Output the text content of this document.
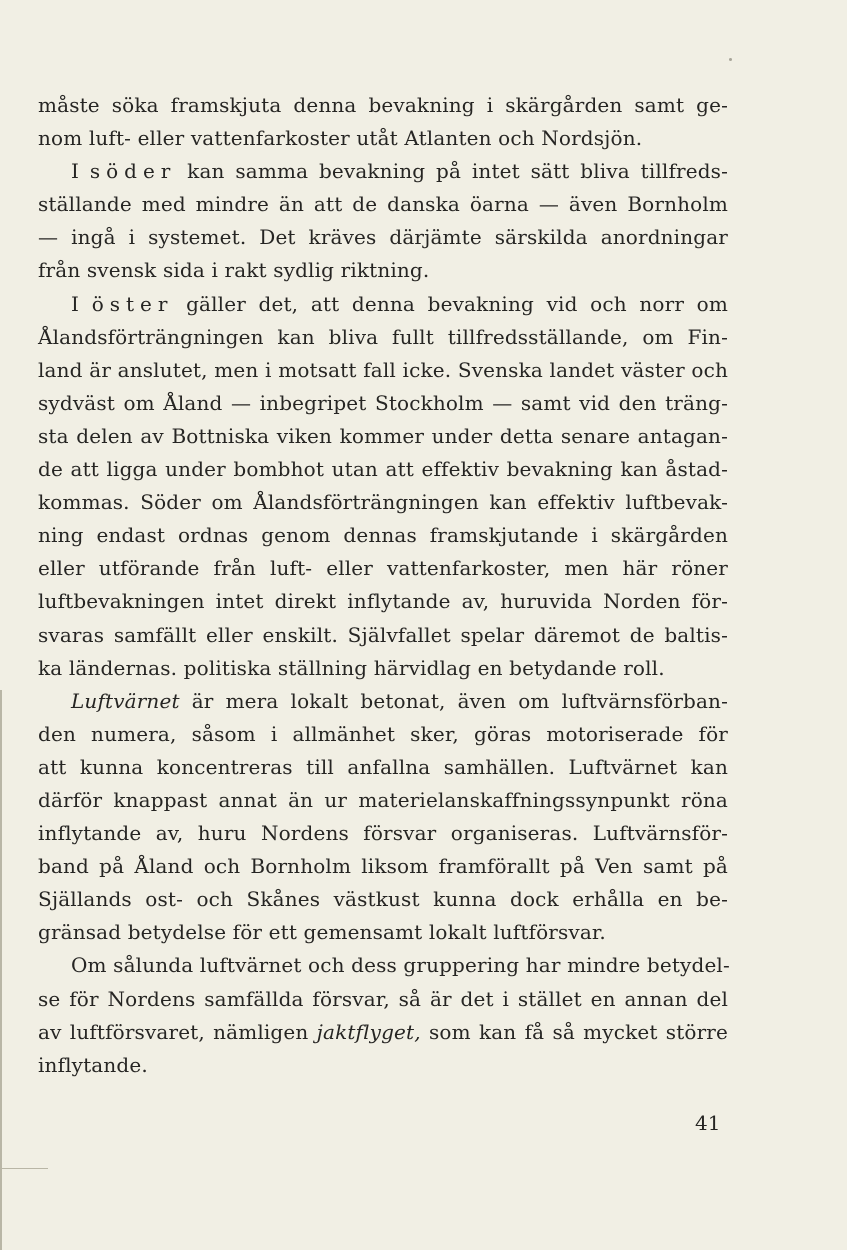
måste söka framskjuta denna bevakning i skärgården samt ge-
nom luft- eller vattenfarkoster utåt Atlanten och Nordsjön.
I söder kan samma bevakning på intet sätt bliva tillfreds-
ställande med mindre än att de danska öarna — även Bornholm
— ingå i systemet. Det kräves därjämte särskilda anordningar
från svensk sida i rakt sydlig riktning.
I öster gäller det, att denna bevakning vid och norr om
Ålandsförträngningen kan bliva fullt tillfredsställande, om Fin-
land är anslutet, men i motsatt fall icke. Svenska landet väster och
sydväst om Åland — inbegripet Stockholm — samt vid den träng-
sta delen av Bottniska viken kommer under detta senare antagan-
de att ligga under bombhot utan att effektiv bevakning kan åstad-
kommas. Söder om Ålandsförträngningen kan effektiv luftbevak-
ning endast ordnas genom dennas framskjutande i skärgården
eller utförande från luft- eller vattenfarkoster, men här röner
luftbevakningen intet direkt inflytande av, huruvida Norden för-
svaras samfällt eller enskilt. Självfallet spelar däremot de baltis-
ka ländernas. politiska ställning härvidlag en betydande roll.
Luftvärnet är mera lokalt betonat, även om luftvärnsförban-
den numera, såsom i allmänhet sker, göras motoriserade för
att kunna koncentreras till anfallna samhällen. Luftvärnet kan
därför knappast annat än ur materielanskaffningssynpunkt röna
inflytande av, huru Nordens försvar organiseras. Luftvärnsför-
band på Åland och Bornholm liksom framförallt på Ven samt på
Själlands ost- och Skånes västkust kunna dock erhålla en be-
gränsad betydelse för ett gemensamt lokalt luftförsvar.
Om sålunda luftvärnet och dess gruppering har mindre betydel-
se för Nordens samfällda försvar, så är det i stället en annan del
av luftförsvaret, nämligen jaktflyget, som kan få så mycket större
inflytande.
41
